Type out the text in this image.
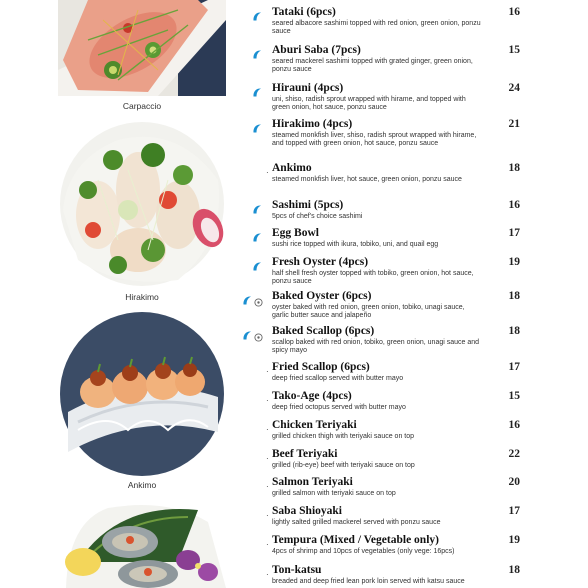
Carpaccio
Hirakimo
Ankimo
Tataki (6pcs)
seared albacore sashimi topped with red onion, green onion, ponzu sauce
16
Aburi Saba (7pcs)
seared mackerel sashimi topped with grated ginger, green onion, ponzu sauce
15
Hirauni (4pcs)
uni, shiso, radish sprout wrapped with hirame, and topped with green onion, hot sauce, ponzu sauce
24
Hirakimo (4pcs)
steamed monkfish liver, shiso, radish sprout wrapped with hirame, and topped with green onion, hot sauce, ponzu sauce
21
· Ankimo
steamed monkfish liver, hot sauce, green onion, ponzu sauce
18
Sashimi (5pcs)
5pcs of chef's choice sashimi
16
Egg Bowl
sushi rice topped with ikura, tobiko, uni, and quail egg
17
Fresh Oyster (4pcs)
half shell fresh oyster topped with tobiko, green onion, hot sauce, ponzu sauce
19
Baked Oyster (6pcs)
oyster baked with red onion, green onion, tobiko, unagi sauce, garlic butter sauce and jalapeño
18
Baked Scallop (6pcs)
scallop baked with red onion, tobiko, green onion, unagi sauce and spicy mayo
18
· Fried Scallop (6pcs)
deep fried scallop served with butter mayo
17
· Tako-Age (4pcs)
deep fried octopus served with butter mayo
15
· Chicken Teriyaki
grilled chicken thigh with teriyaki sauce on top
16
· Beef Teriyaki
grilled (rib-eye) beef with teriyaki sauce on top
22
· Salmon Teriyaki
grilled salmon with teriyaki sauce on top
20
· Saba Shioyaki
lightly salted grilled mackerel served with ponzu sauce
17
· Tempura (Mixed / Vegetable only)
4pcs of shrimp and 10pcs of vegetables (only vege: 16pcs)
19
· Ton-katsu
breaded and deep fried lean pork loin served with katsu sauce
18
